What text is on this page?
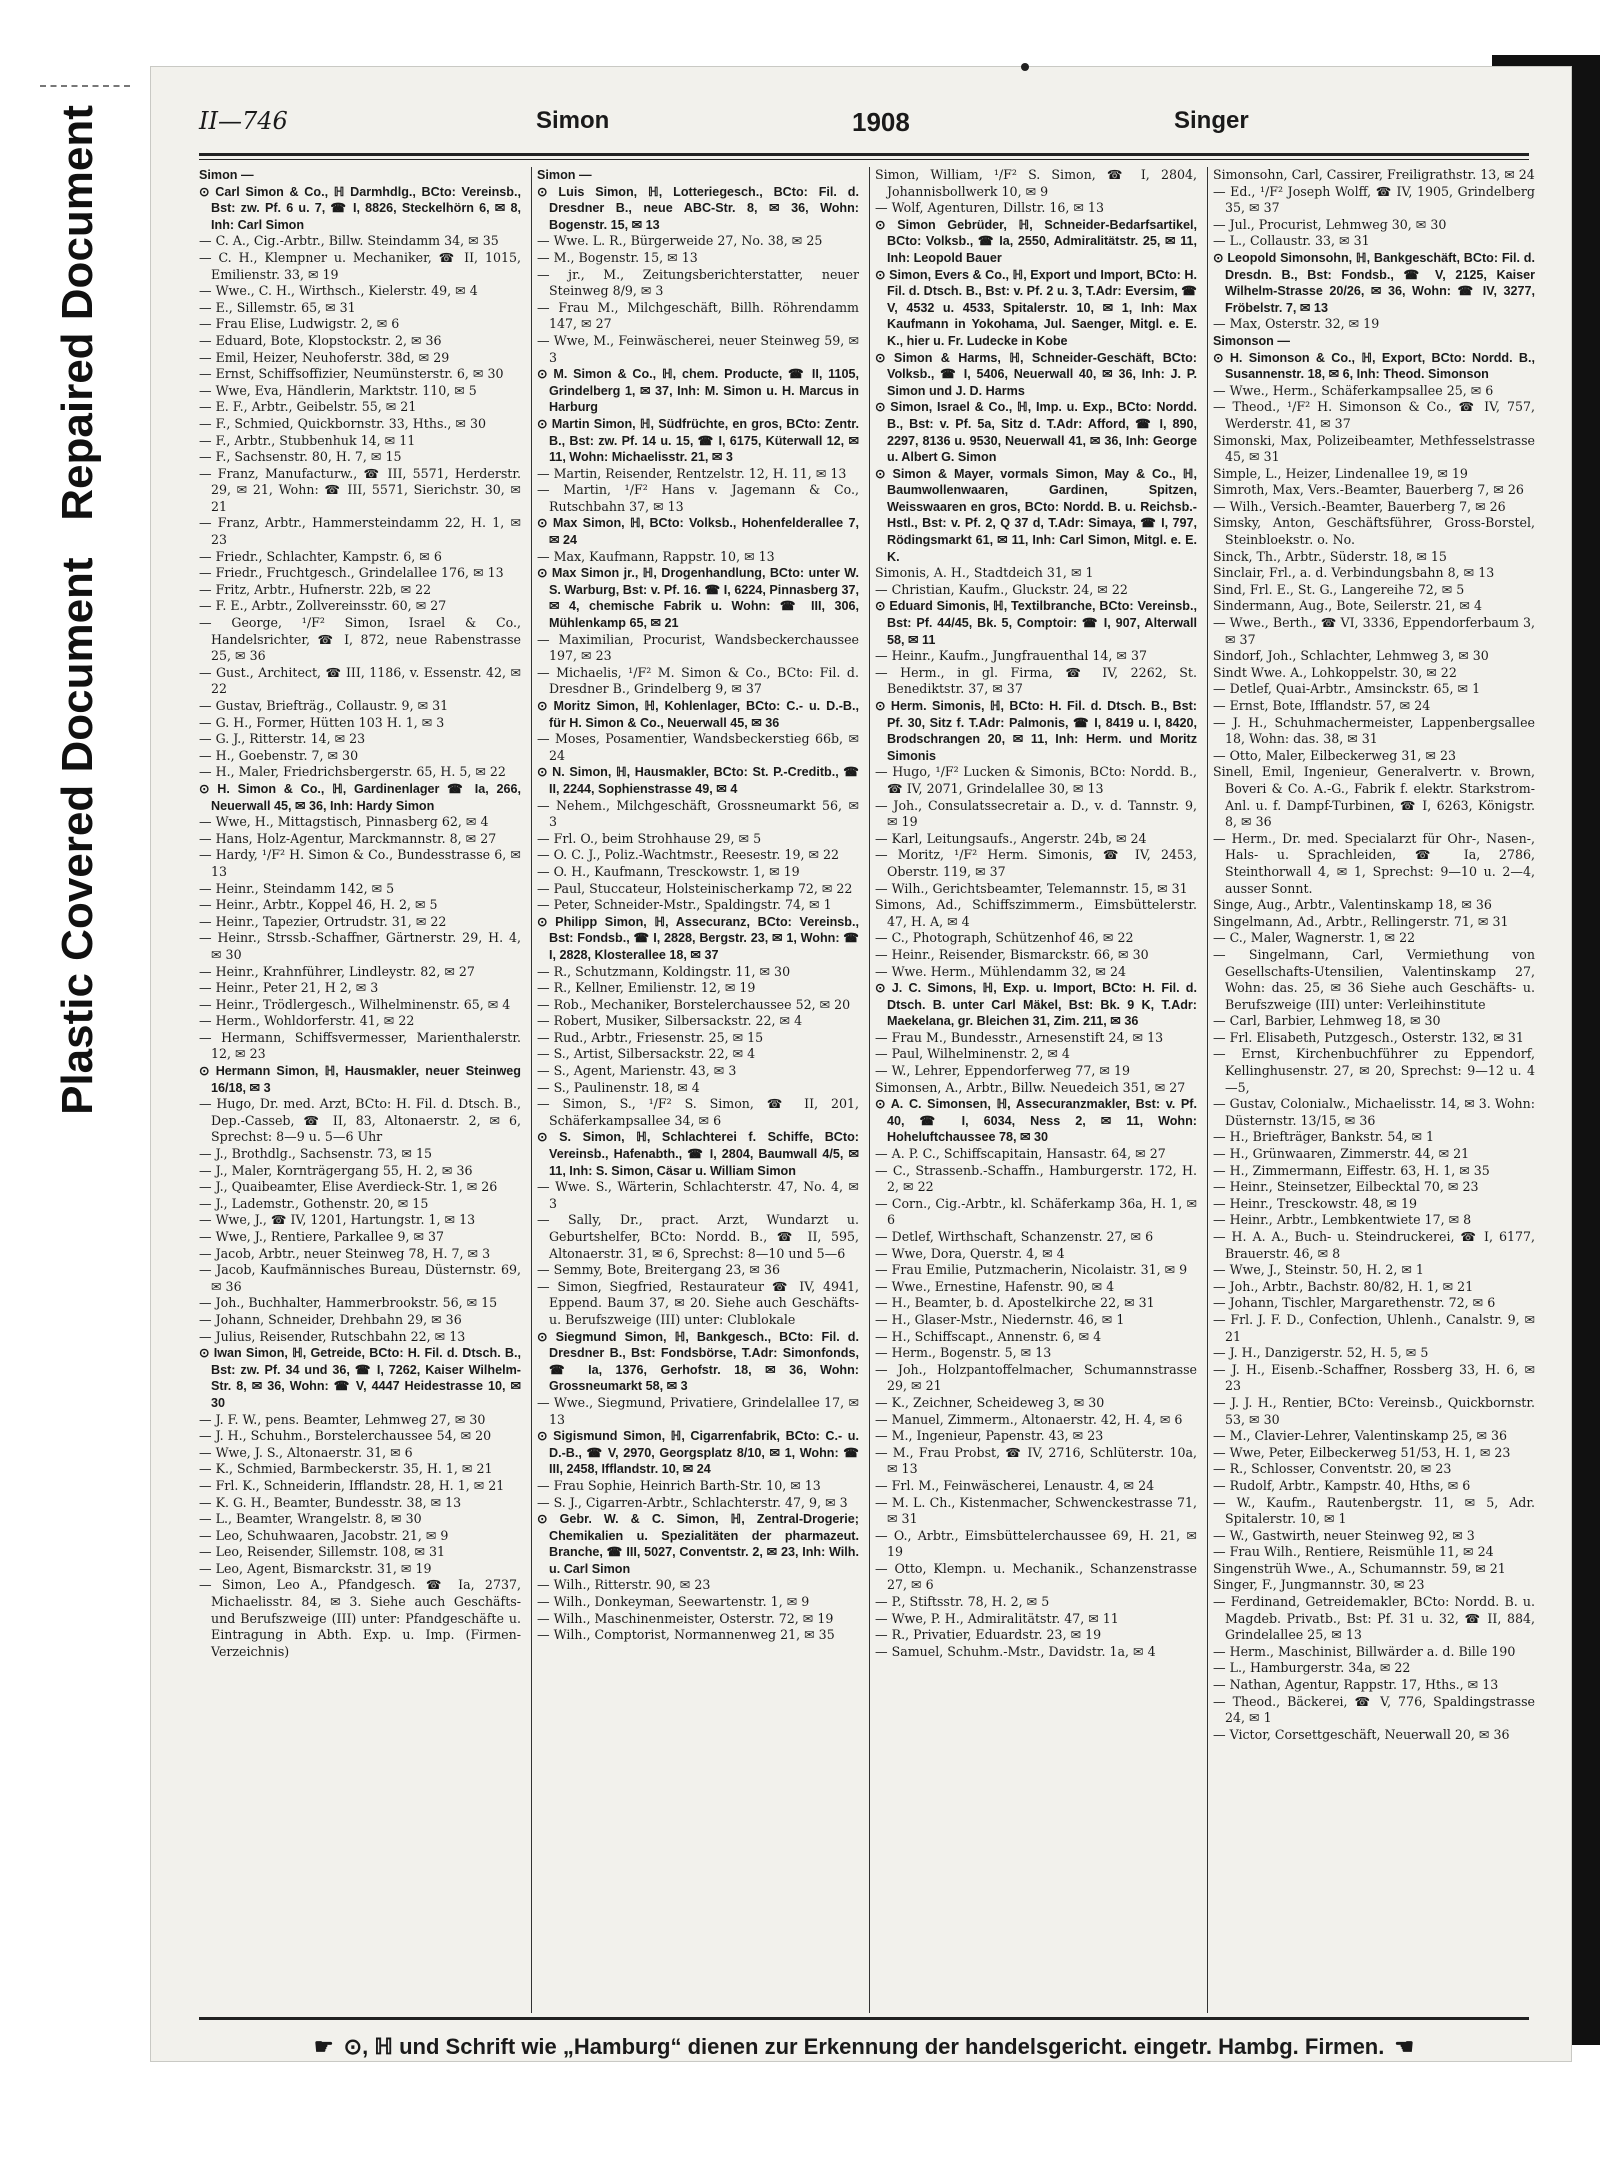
Plastic Covered Document   Repaired Document	II—746	Simon	1908	Singer

Simon —

⊙ Carl Simon & Co., ℍ Darmhdlg., BCto: Vereinsb., Bst: zw. Pf. 6 u. 7, ☎ I, 8826, Steckelhörn 6, ✉ 8, Inh: Carl Simon

— C. A., Cig.-Arbtr., Billw. Steindamm 34, ✉ 35

— C. H., Klempner u. Mechaniker, ☎ II, 1015, Emilienstr. 33, ✉ 19

— Wwe., C. H., Wirthsch., Kielerstr. 49, ✉ 4

— E., Sillemstr. 65, ✉ 31

— Frau Elise, Ludwigstr. 2, ✉ 6

— Eduard, Bote, Klopstockstr. 2, ✉ 36

— Emil, Heizer, Neuhoferstr. 38d, ✉ 29

— Ernst, Schiffsoffizier, Neumünsterstr. 6, ✉ 30

— Wwe, Eva, Händlerin, Marktstr. 110, ✉ 5

— E. F., Arbtr., Geibelstr. 55, ✉ 21

— F., Schmied, Quickbornstr. 33, Hths., ✉ 30

— F., Arbtr., Stubbenhuk 14, ✉ 11

— F., Sachsenstr. 80, H. 7, ✉ 15

— Franz, Manufacturw., ☎ III, 5571, Herderstr. 29, ✉ 21, Wohn: ☎ III, 5571, Sierichstr. 30, ✉ 21

— Franz, Arbtr., Hammersteindamm 22, H. 1, ✉ 23

— Friedr., Schlachter, Kampstr. 6, ✉ 6

— Friedr., Fruchtgesch., Grindelallee 176, ✉ 13

— Fritz, Arbtr., Hufnerstr. 22b, ✉ 22

— F. E., Arbtr., Zollvereinsstr. 60, ✉ 27

— George, ¹/F² Simon, Israel & Co., Handelsrichter, ☎ I, 872, neue Rabenstrasse 25, ✉ 36

— Gust., Architect, ☎ III, 1186, v. Essenstr. 42, ✉ 22

— Gustav, Briefträg., Collaustr. 9, ✉ 31

— G. H., Former, Hütten 103 H. 1, ✉ 3

— G. J., Ritterstr. 14, ✉ 23

— H., Goebenstr. 7, ✉ 30

— H., Maler, Friedrichsbergerstr. 65, H. 5, ✉ 22

⊙ H. Simon & Co., ℍ, Gardinenlager ☎ Ia, 266, Neuerwall 45, ✉ 36, Inh: Hardy Simon

— Wwe, H., Mittagstisch, Pinnasberg 62, ✉ 4

— Hans, Holz-Agentur, Marckmannstr. 8, ✉ 27

— Hardy, ¹/F² H. Simon & Co., Bundesstrasse 6, ✉ 13

— Heinr., Steindamm 142, ✉ 5

— Heinr., Arbtr., Koppel 46, H. 2, ✉ 5

— Heinr., Tapezier, Ortrudstr. 31, ✉ 22

— Heinr., Strssb.-Schaffner, Gärtnerstr. 29, H. 4, ✉ 30

— Heinr., Krahnführer, Lindleystr. 82, ✉ 27

— Heinr., Peter 21, H 2, ✉ 3

— Heinr., Trödlergesch., Wilhelminenstr. 65, ✉ 4

— Herm., Wohldorferstr. 41, ✉ 22

— Hermann, Schiffsvermesser, Marienthalerstr. 12, ✉ 23

⊙ Hermann Simon, ℍ, Hausmakler, neuer Steinweg 16/18, ✉ 3

— Hugo, Dr. med. Arzt, BCto: H. Fil. d. Dtsch. B., Dep.-Casseb, ☎ II, 83, Altonaerstr. 2, ✉ 6, Sprechst: 8—9 u. 5—6 Uhr

— J., Brothdlg., Sachsenstr. 73, ✉ 15

— J., Maler, Kornträgergang 55, H. 2, ✉ 36

— J., Quaibeamter, Elise Averdieck-Str. 1, ✉ 26

— J., Lademstr., Gothenstr. 20, ✉ 15

— Wwe, J., ☎ IV, 1201, Hartungstr. 1, ✉ 13

— Wwe, J., Rentiere, Parkallee 9, ✉ 37

— Jacob, Arbtr., neuer Steinweg 78, H. 7, ✉ 3

— Jacob, Kaufmännisches Bureau, Düsternstr. 69, ✉ 36

— Joh., Buchhalter, Hammerbrookstr. 56, ✉ 15

— Johann, Schneider, Drehbahn 29, ✉ 36

— Julius, Reisender, Rutschbahn 22, ✉ 13

⊙ Iwan Simon, ℍ, Getreide, BCto: H. Fil. d. Dtsch. B., Bst: zw. Pf. 34 und 36, ☎ I, 7262, Kaiser Wilhelm-Str. 8, ✉ 36, Wohn: ☎ V, 4447 Heidestrasse 10, ✉ 30

— J. F. W., pens. Beamter, Lehmweg 27, ✉ 30

— J. H., Schuhm., Borstelerchaussee 54, ✉ 20

— Wwe, J. S., Altonaerstr. 31, ✉ 6

— K., Schmied, Barmbeckerstr. 35, H. 1, ✉ 21

— Frl. K., Schneiderin, Ifflandstr. 28, H. 1, ✉ 21

— K. G. H., Beamter, Bundesstr. 38, ✉ 13

— L., Beamter, Wrangelstr. 8, ✉ 30

— Leo, Schuhwaaren, Jacobstr. 21, ✉ 9

— Leo, Reisender, Sillemstr. 108, ✉ 31

— Leo, Agent, Bismarckstr. 31, ✉ 19

— Simon, Leo A., Pfandgesch. ☎ Ia, 2737, Michaelisstr. 84, ✉ 3. Siehe auch Geschäfts- und Berufszweige (III) unter: Pfandgeschäfte u. Eintragung in Abth. Exp. u. Imp. (Firmen-Verzeichnis)

Simon —

⊙ Luis Simon, ℍ, Lotteriegesch., BCto: Fil. d. Dresdner B., neue ABC-Str. 8, ✉ 36, Wohn: Bogenstr. 15, ✉ 13

— Wwe. L. R., Bürgerweide 27, No. 38, ✉ 25

— M., Bogenstr. 15, ✉ 13

— jr., M., Zeitungsberichterstatter, neuer Steinweg 8/9, ✉ 3

— Frau M., Milchgeschäft, Billh. Röhrendamm 147, ✉ 27

— Wwe, M., Feinwäscherei, neuer Steinweg 59, ✉ 3

⊙ M. Simon & Co., ℍ, chem. Producte, ☎ II, 1105, Grindelberg 1, ✉ 37, Inh: M. Simon u. H. Marcus in Harburg

⊙ Martin Simon, ℍ, Südfrüchte, en gros, BCto: Zentr. B., Bst: zw. Pf. 14 u. 15, ☎ I, 6175, Küterwall 12, ✉ 11, Wohn: Michaelisstr. 21, ✉ 3

— Martin, Reisender, Rentzelstr. 12, H. 11, ✉ 13

— Martin, ¹/F² Hans v. Jagemann & Co., Rutschbahn 37, ✉ 13

⊙ Max Simon, ℍ, BCto: Volksb., Hohenfelderallee 7, ✉ 24

— Max, Kaufmann, Rappstr. 10, ✉ 13

⊙ Max Simon jr., ℍ, Drogenhandlung, BCto: unter W. S. Warburg, Bst: v. Pf. 16. ☎ I, 6224, Pinnasberg 37, ✉ 4, chemische Fabrik u. Wohn: ☎ III, 306, Mühlenkamp 65, ✉ 21

— Maximilian, Procurist, Wandsbeckerchaussee 197, ✉ 23

— Michaelis, ¹/F² M. Simon & Co., BCto: Fil. d. Dresdner B., Grindelberg 9, ✉ 37

⊙ Moritz Simon, ℍ, Kohlenlager, BCto: C.- u. D.-B., für H. Simon & Co., Neuerwall 45, ✉ 36

— Moses, Posamentier, Wandsbeckerstieg 66b, ✉ 24

⊙ N. Simon, ℍ, Hausmakler, BCto: St. P.-Creditb., ☎ II, 2244, Sophienstrasse 49, ✉ 4

— Nehem., Milchgeschäft, Grossneumarkt 56, ✉ 3

— Frl. O., beim Strohhause 29, ✉ 5

— O. C. J., Poliz.-Wachtmstr., Reesestr. 19, ✉ 22

— O. H., Kaufmann, Tresckowstr. 1, ✉ 19

— Paul, Stuccateur, Holsteinischerkamp 72, ✉ 22

— Peter, Schneider-Mstr., Spaldingstr. 74, ✉ 1

⊙ Philipp Simon, ℍ, Assecuranz, BCto: Vereinsb., Bst: Fondsb., ☎ I, 2828, Bergstr. 23, ✉ 1, Wohn: ☎ I, 2828, Klosterallee 18, ✉ 37

— R., Schutzmann, Koldingstr. 11, ✉ 30

— R., Kellner, Emilienstr. 12, ✉ 19

— Rob., Mechaniker, Borstelerchaussee 52, ✉ 20

— Robert, Musiker, Silbersackstr. 22, ✉ 4

— Rud., Arbtr., Friesenstr. 25, ✉ 15

— S., Artist, Silbersackstr. 22, ✉ 4

— S., Agent, Marienstr. 43, ✉ 3

— S., Paulinenstr. 18, ✉ 4

— Simon, S., ¹/F² S. Simon, ☎ II, 201, Schäferkampsallee 34, ✉ 6

⊙ S. Simon, ℍ, Schlachterei f. Schiffe, BCto: Vereinsb., Hafenabth., ☎ I, 2804, Baumwall 4/5, ✉ 11, Inh: S. Simon, Cäsar u. William Simon

— Wwe. S., Wärterin, Schlachterstr. 47, No. 4, ✉ 3

— Sally, Dr., pract. Arzt, Wundarzt u. Geburtshelfer, BCto: Nordd. B., ☎ II, 595, Altonaerstr. 31, ✉ 6, Sprechst: 8—10 und 5—6

— Semmy, Bote, Breitergang 23, ✉ 36

— Simon, Siegfried, Restaurateur ☎ IV, 4941, Eppend. Baum 37, ✉ 20. Siehe auch Geschäfts- u. Berufszweige (III) unter: Clublokale

⊙ Siegmund Simon, ℍ, Bankgesch., BCto: Fil. d. Dresdner B., Bst: Fondsbörse, T.Adr: Simonfonds, ☎ Ia, 1376, Gerhofstr. 18, ✉ 36, Wohn: Grossneumarkt 58, ✉ 3

— Wwe., Siegmund, Privatiere, Grindelallee 17, ✉ 13

⊙ Sigismund Simon, ℍ, Cigarrenfabrik, BCto: C.- u. D.-B., ☎ V, 2970, Georgsplatz 8/10, ✉ 1, Wohn: ☎ III, 2458, Ifflandstr. 10, ✉ 24

— Frau Sophie, Heinrich Barth-Str. 10, ✉ 13

— S. J., Cigarren-Arbtr., Schlachterstr. 47, 9, ✉ 3

⊙ Gebr. W. & C. Simon, ℍ, Zentral-Drogerie; Chemikalien u. Spezialitäten der pharmazeut. Branche, ☎ III, 5027, Conventstr. 2, ✉ 23, Inh: Wilh. u. Carl Simon

— Wilh., Ritterstr. 90, ✉ 23

— Wilh., Donkeyman, Seewartenstr. 1, ✉ 9

— Wilh., Maschinenmeister, Osterstr. 72, ✉ 19

— Wilh., Comptorist, Normannenweg 21, ✉ 35

Simon, William, ¹/F² S. Simon, ☎ I, 2804, Johannisbollwerk 10, ✉ 9

— Wolf, Agenturen, Dillstr. 16, ✉ 13

⊙ Simon Gebrüder, ℍ, Schneider-Bedarfsartikel, BCto: Volksb., ☎ Ia, 2550, Admiralitätstr. 25, ✉ 11, Inh: Leopold Bauer

⊙ Simon, Evers & Co., ℍ, Export und Import, BCto: H. Fil. d. Dtsch. B., Bst: v. Pf. 2 u. 3, T.Adr: Eversim, ☎ V, 4532 u. 4533, Spitalerstr. 10, ✉ 1, Inh: Max Kaufmann in Yokohama, Jul. Saenger, Mitgl. e. E. K., hier u. Fr. Ludecke in Kobe

⊙ Simon & Harms, ℍ, Schneider-Geschäft, BCto: Volksb., ☎ I, 5406, Neuerwall 40, ✉ 36, Inh: J. P. Simon und J. D. Harms

⊙ Simon, Israel & Co., ℍ, Imp. u. Exp., BCto: Nordd. B., Bst: v. Pf. 5a, Sitz d. T.Adr: Afford, ☎ I, 890, 2297, 8136 u. 9530, Neuerwall 41, ✉ 36, Inh: George u. Albert G. Simon

⊙ Simon & Mayer, vormals Simon, May & Co., ℍ, Baumwollenwaaren, Gardinen, Spitzen, Weisswaaren en gros, BCto: Nordd. B. u. Reichsb.-Hstl., Bst: v. Pf. 2, Q 37 d, T.Adr: Simaya, ☎ I, 797, Rödingsmarkt 61, ✉ 11, Inh: Carl Simon, Mitgl. e. E. K.

Simonis, A. H., Stadtdeich 31, ✉ 1

— Christian, Kaufm., Gluckstr. 24, ✉ 22

⊙ Eduard Simonis, ℍ, Textilbranche, BCto: Vereinsb., Bst: Pf. 44/45, Bk. 5, Comptoir: ☎ I, 907, Alterwall 58, ✉ 11

— Heinr., Kaufm., Jungfrauenthal 14, ✉ 37

— Herm., in gl. Firma, ☎ IV, 2262, St. Benediktstr. 37, ✉ 37

⊙ Herm. Simonis, ℍ, BCto: H. Fil. d. Dtsch. B., Bst: Pf. 30, Sitz f. T.Adr: Palmonis, ☎ I, 8419 u. I, 8420, Brodschrangen 20, ✉ 11, Inh: Herm. und Moritz Simonis

— Hugo, ¹/F² Lucken & Simonis, BCto: Nordd. B., ☎ IV, 2071, Grindelallee 30, ✉ 13

— Joh., Consulatssecretair a. D., v. d. Tannstr. 9, ✉ 19

— Karl, Leitungsaufs., Angerstr. 24b, ✉ 24

— Moritz, ¹/F² Herm. Simonis, ☎ IV, 2453, Oberstr. 119, ✉ 37

— Wilh., Gerichtsbeamter, Telemannstr. 15, ✉ 31

Simons, Ad., Schiffszimmerm., Eimsbüttelerstr. 47, H. A, ✉ 4

— C., Photograph, Schützenhof 46, ✉ 22

— Heinr., Reisender, Bismarckstr. 66, ✉ 30

— Wwe. Herm., Mühlendamm 32, ✉ 24

⊙ J. C. Simons, ℍ, Exp. u. Import, BCto: H. Fil. d. Dtsch. B. unter Carl Mäkel, Bst: Bk. 9 K, T.Adr: Maekelana, gr. Bleichen 31, Zim. 211, ✉ 36

— Frau M., Bundesstr., Arnesenstift 24, ✉ 13

— Paul, Wilhelminenstr. 2, ✉ 4

— W., Lehrer, Eppendorferweg 77, ✉ 19

Simonsen, A., Arbtr., Billw. Neuedeich 351, ✉ 27

⊙ A. C. Simonsen, ℍ, Assecuranzmakler, Bst: v. Pf. 40, ☎ I, 6034, Ness 2, ✉ 11, Wohn: Hoheluftchaussee 78, ✉ 30

— A. P. C., Schiffscapitain, Hansastr. 64, ✉ 27

— C., Strassenb.-Schaffn., Hamburgerstr. 172, H. 2, ✉ 22

— Corn., Cig.-Arbtr., kl. Schäferkamp 36a, H. 1, ✉ 6

— Detlef, Wirthschaft, Schanzenstr. 27, ✉ 6

— Wwe, Dora, Querstr. 4, ✉ 4

— Frau Emilie, Putzmacherin, Nicolaistr. 31, ✉ 9

— Wwe., Ernestine, Hafenstr. 90, ✉ 4

— H., Beamter, b. d. Apostelkirche 22, ✉ 31

— H., Glaser-Mstr., Niedernstr. 46, ✉ 1

— H., Schiffscapt., Annenstr. 6, ✉ 4

— Herm., Bogenstr. 5, ✉ 13

— Joh., Holzpantoffelmacher, Schumannstrasse 29, ✉ 21

— K., Zeichner, Scheideweg 3, ✉ 30

— Manuel, Zimmerm., Altonaerstr. 42, H. 4, ✉ 6

— M., Ingenieur, Papenstr. 43, ✉ 23

— M., Frau Probst, ☎ IV, 2716, Schlüterstr. 10a, ✉ 13

— Frl. M., Feinwäscherei, Lenaustr. 4, ✉ 24

— M. L. Ch., Kistenmacher, Schwenckestrasse 71, ✉ 31

— O., Arbtr., Eimsbüttelerchaussee 69, H. 21, ✉ 19

— Otto, Klempn. u. Mechanik., Schanzenstrasse 27, ✉ 6

— P., Stiftsstr. 78, H. 2, ✉ 5

— Wwe, P. H., Admiralitätstr. 47, ✉ 11

— R., Privatier, Eduardstr. 23, ✉ 19

— Samuel, Schuhm.-Mstr., Davidstr. 1a, ✉ 4

Simonsohn, Carl, Cassirer, Freiligrathstr. 13, ✉ 24

— Ed., ¹/F² Joseph Wolff, ☎ IV, 1905, Grindelberg 35, ✉ 37

— Jul., Procurist, Lehmweg 30, ✉ 30

— L., Collaustr. 33, ✉ 31

⊙ Leopold Simonsohn, ℍ, Bankgeschäft, BCto: Fil. d. Dresdn. B., Bst: Fondsb., ☎ V, 2125, Kaiser Wilhelm-Strasse 20/26, ✉ 36, Wohn: ☎ IV, 3277, Fröbelstr. 7, ✉ 13

— Max, Osterstr. 32, ✉ 19

Simonson —

⊙ H. Simonson & Co., ℍ, Export, BCto: Nordd. B., Susannenstr. 18, ✉ 6, Inh: Theod. Simonson

— Wwe., Herm., Schäferkampsallee 25, ✉ 6

— Theod., ¹/F² H. Simonson & Co., ☎ IV, 757, Werderstr. 41, ✉ 37

Simonski, Max, Polizeibeamter, Methfesselstrasse 45, ✉ 31

Simple, L., Heizer, Lindenallee 19, ✉ 19

Simroth, Max, Vers.-Beamter, Bauerberg 7, ✉ 26

— Wilh., Versich.-Beamter, Bauerberg 7, ✉ 26

Simsky, Anton, Geschäftsführer, Gross-Borstel, Steinbloekstr. o. No.

Sinck, Th., Arbtr., Süderstr. 18, ✉ 15

Sinclair, Frl., a. d. Verbindungsbahn 8, ✉ 13

Sind, Frl. E., St. G., Langereihe 72, ✉ 5

Sindermann, Aug., Bote, Seilerstr. 21, ✉ 4

— Wwe., Berth., ☎ VI, 3336, Eppendorferbaum 3, ✉ 37

Sindorf, Joh., Schlachter, Lehmweg 3, ✉ 30

Sindt Wwe. A., Lohkoppelstr. 30, ✉ 22

— Detlef, Quai-Arbtr., Amsinckstr. 65, ✉ 1

— Ernst, Bote, Ifflandstr. 57, ✉ 24

— J. H., Schuhmachermeister, Lappenbergsallee 18, Wohn: das. 38, ✉ 31

— Otto, Maler, Eilbeckerweg 31, ✉ 23

Sinell, Emil, Ingenieur, Generalvertr. v. Brown, Boveri & Co. A.-G., Fabrik f. elektr. Starkstrom-Anl. u. f. Dampf-Turbinen, ☎ I, 6263, Königstr. 8, ✉ 36

— Herm., Dr. med. Specialarzt für Ohr-, Nasen-, Hals- u. Sprachleiden, ☎ Ia, 2786, Steinthorwall 4, ✉ 1, Sprechst: 9—10 u. 2—4, ausser Sonnt.

Singe, Aug., Arbtr., Valentinskamp 18, ✉ 36

Singelmann, Ad., Arbtr., Rellingerstr. 71, ✉ 31

— C., Maler, Wagnerstr. 1, ✉ 22

— Singelmann, Carl, Vermiethung von Gesellschafts-Utensilien, Valentinskamp 27, Wohn: das. 25, ✉ 36 Siehe auch Geschäfts- u. Berufszweige (III) unter: Verleihinstitute

— Carl, Barbier, Lehmweg 18, ✉ 30

— Frl. Elisabeth, Putzgesch., Osterstr. 132, ✉ 31

— Ernst, Kirchenbuchführer zu Eppendorf, Kellinghusenstr. 27, ✉ 20, Sprechst: 9—12 u. 4—5,

— Gustav, Colonialw., Michaelisstr. 14, ✉ 3. Wohn: Düsternstr. 13/15, ✉ 36

— H., Briefträger, Bankstr. 54, ✉ 1

— H., Grünwaaren, Zimmerstr. 44, ✉ 21

— H., Zimmermann, Eiffestr. 63, H. 1, ✉ 35

— Heinr., Steinsetzer, Eilbecktal 70, ✉ 23

— Heinr., Tresckowstr. 48, ✉ 19

— Heinr., Arbtr., Lembkentwiete 17, ✉ 8

— H. A. A., Buch- u. Steindruckerei, ☎ I, 6177, Brauerstr. 46, ✉ 8

— Wwe, J., Steinstr. 50, H. 2, ✉ 1

— Joh., Arbtr., Bachstr. 80/82, H. 1, ✉ 21

— Johann, Tischler, Margarethenstr. 72, ✉ 6

— Frl. J. F. D., Confection, Uhlenh., Canalstr. 9, ✉ 21

— J. H., Danzigerstr. 52, H. 5, ✉ 5

— J. H., Eisenb.-Schaffner, Rossberg 33, H. 6, ✉ 23

— J. J. H., Rentier, BCto: Vereinsb., Quickbornstr. 53, ✉ 30

— M., Clavier-Lehrer, Valentinskamp 25, ✉ 36

— Wwe, Peter, Eilbeckerweg 51/53, H. 1, ✉ 23

— R., Schlosser, Conventstr. 20, ✉ 23

— Rudolf, Arbtr., Kampstr. 40, Hths, ✉ 6

— W., Kaufm., Rautenbergstr. 11, ✉ 5, Adr. Spitalerstr. 10, ✉ 1

— W., Gastwirth, neuer Steinweg 92, ✉ 3

— Frau Wilh., Rentiere, Reismühle 11, ✉ 24

Singenstrüh Wwe., A., Schumannstr. 59, ✉ 21

Singer, F., Jungmannstr. 30, ✉ 23

— Ferdinand, Getreidemakler, BCto: Nordd. B. u. Magdeb. Privatb., Bst: Pf. 31 u. 32, ☎ II, 884, Grindelallee 25, ✉ 13

— Herm., Maschinist, Billwärder a. d. Bille 190

— L., Hamburgerstr. 34a, ✉ 22

— Nathan, Agentur, Rappstr. 17, Hths., ✉ 13

— Theod., Bäckerei, ☎ V, 776, Spaldingstrasse 24, ✉ 1

— Victor, Corsettgeschäft, Neuerwall 20, ✉ 36

☛ ⊙, ℍ und Schrift wie „Hamburg“ dienen zur Erkennung der handelsgericht. eingetr. Hambg. Firmen. ☚
